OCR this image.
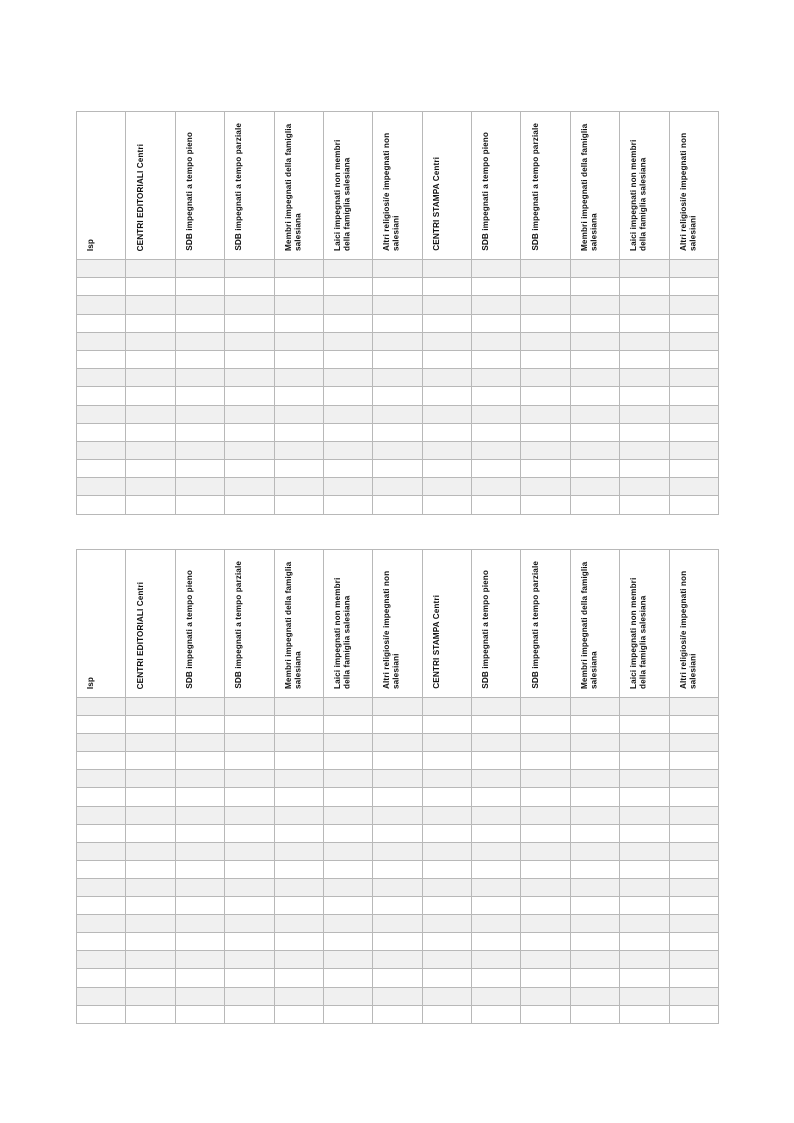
Isp	CENTRI EDITORIALI Centri	SDB impegnati a tempo pieno	SDB impegnati a tempo parziale	Membri impegnati della famiglia salesiana	Laici impegnati non membri della famiglia salesiana	Altri religiosi/e impegnati non salesiani	CENTRI STAMPA Centri	SDB impegnati a tempo pieno	SDB impegnati a tempo parziale	Membri impegnati della famiglia salesiana	Laici impegnati non membri della famiglia salesiana	Altri religiosi/e impegnati non salesiani

Isp	CENTRI EDITORIALI Centri	SDB impegnati a tempo pieno	SDB impegnati a tempo parziale	Membri impegnati della famiglia salesiana	Laici impegnati non membri della famiglia salesiana	Altri religiosi/e impegnati non salesiani	CENTRI STAMPA Centri	SDB impegnati a tempo pieno	SDB impegnati a tempo parziale	Membri impegnati della famiglia salesiana	Laici impegnati non membri della famiglia salesiana	Altri religiosi/e impegnati non salesiani
